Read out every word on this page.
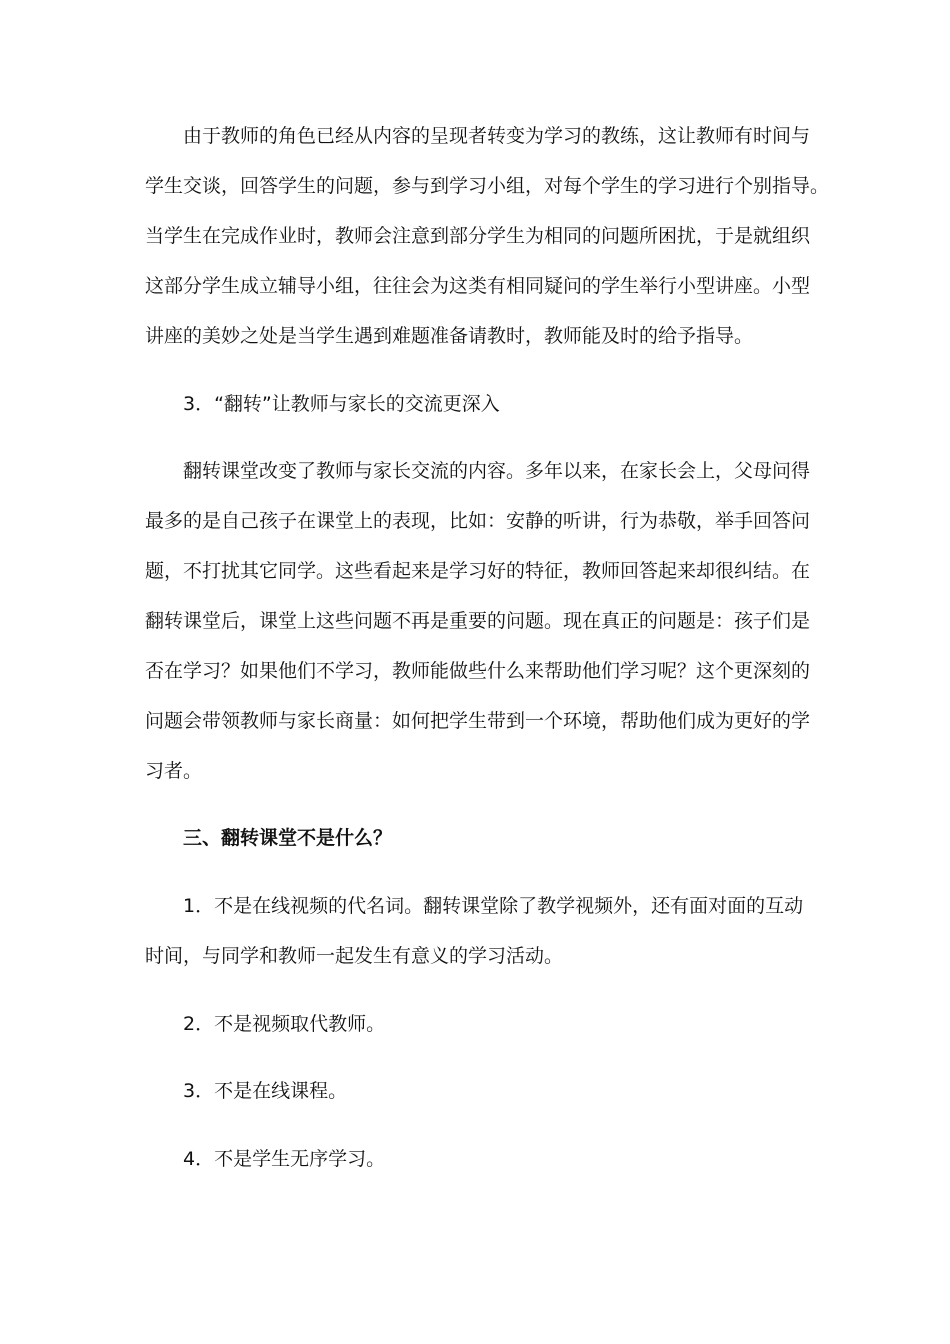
由于教师的角色已经从内容的呈现者转变为学习的教练，这让教师有时间与
学生交谈，回答学生的问题，参与到学习小组，对每个学生的学习进行个别指导。
当学生在完成作业时，教师会注意到部分学生为相同的问题所困扰，于是就组织
这部分学生成立辅导小组，往往会为这类有相同疑问的学生举行小型讲座。小型
讲座的美妙之处是当学生遇到难题准备请教时，教师能及时的给予指导。
3．“翻转”让教师与家长的交流更深入
翻转课堂改变了教师与家长交流的内容。多年以来，在家长会上，父母问得
最多的是自己孩子在课堂上的表现，比如：安静的听讲，行为恭敬，举手回答问
题，不打扰其它同学。这些看起来是学习好的特征，教师回答起来却很纠结。在
翻转课堂后，课堂上这些问题不再是重要的问题。现在真正的问题是：孩子们是
否在学习？如果他们不学习，教师能做些什么来帮助他们学习呢？这个更深刻的
问题会带领教师与家长商量：如何把学生带到一个环境，帮助他们成为更好的学
习者。
三、翻转课堂不是什么？
1．不是在线视频的代名词。翻转课堂除了教学视频外，还有面对面的互动
时间，与同学和教师一起发生有意义的学习活动。
2．不是视频取代教师。
3．不是在线课程。
4．不是学生无序学习。
